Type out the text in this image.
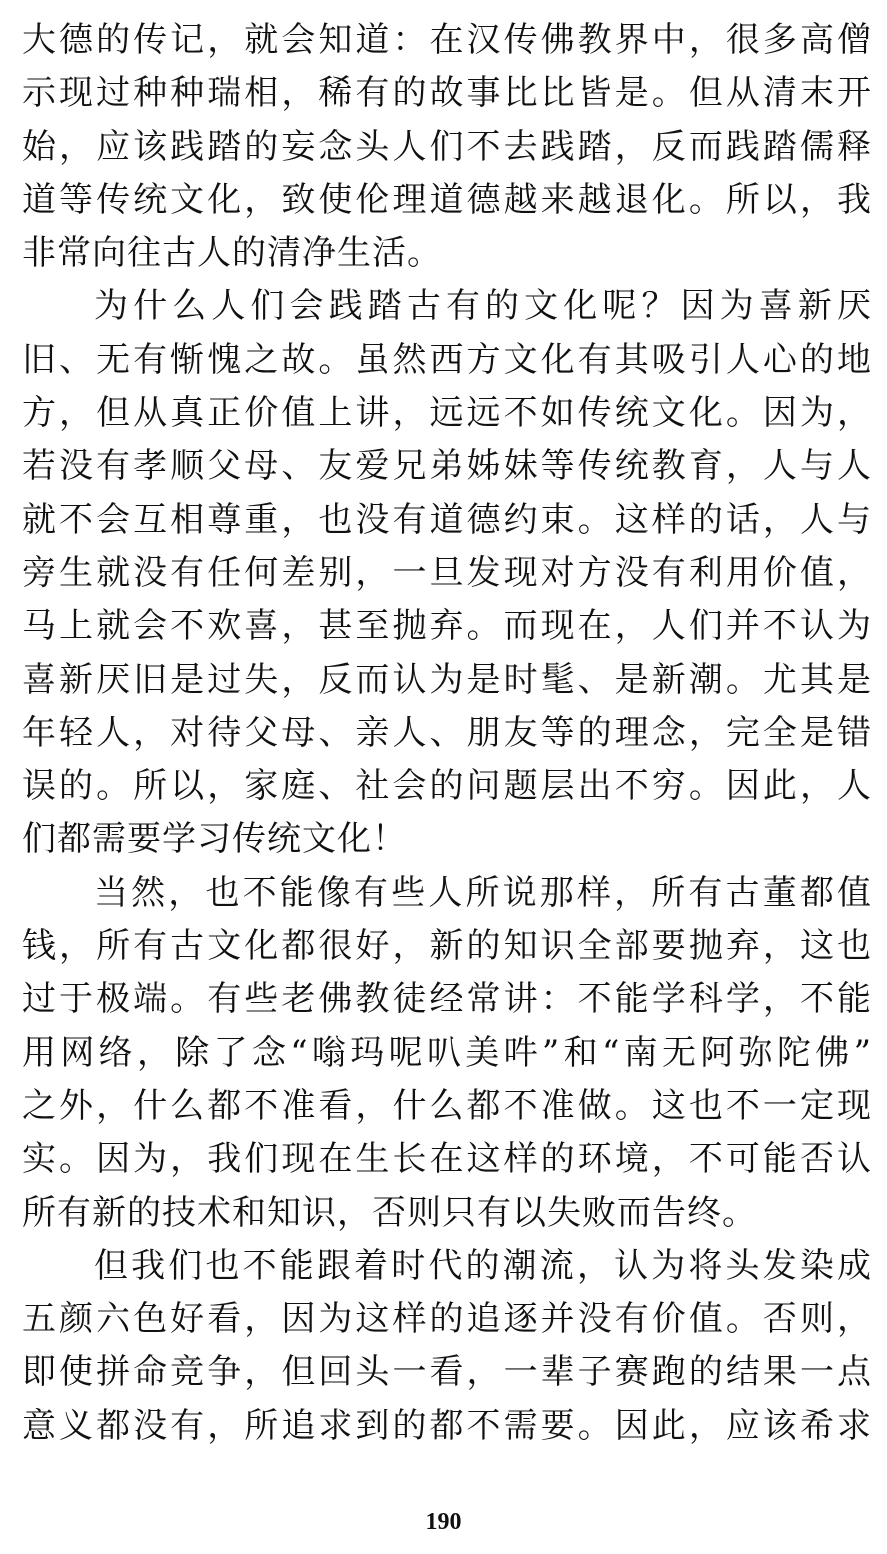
大德的传记，就会知道：在汉传佛教界中，很多高僧
示现过种种瑞相，稀有的故事比比皆是。但从清末开
始，应该践踏的妄念头人们不去践踏，反而践踏儒释
道等传统文化，致使伦理道德越来越退化。所以，我
非常向往古人的清净生活。
为什么人们会践踏古有的文化呢？因为喜新厌
旧、无有惭愧之故。虽然西方文化有其吸引人心的地
方，但从真正价值上讲，远远不如传统文化。因为，
若没有孝顺父母、友爱兄弟姊妹等传统教育，人与人
就不会互相尊重，也没有道德约束。这样的话，人与
旁生就没有任何差别，一旦发现对方没有利用价值，
马上就会不欢喜，甚至抛弃。而现在，人们并不认为
喜新厌旧是过失，反而认为是时髦、是新潮。尤其是
年轻人，对待父母、亲人、朋友等的理念，完全是错
误的。所以，家庭、社会的问题层出不穷。因此，人
们都需要学习传统文化！
当然，也不能像有些人所说那样，所有古董都值
钱，所有古文化都很好，新的知识全部要抛弃，这也
过于极端。有些老佛教徒经常讲：不能学科学，不能
用网络，除了念“嗡玛呢叭美吽”和“南无阿弥陀佛”
之外，什么都不准看，什么都不准做。这也不一定现
实。因为，我们现在生长在这样的环境，不可能否认
所有新的技术和知识，否则只有以失败而告终。
但我们也不能跟着时代的潮流，认为将头发染成
五颜六色好看，因为这样的追逐并没有价值。否则，
即使拼命竞争，但回头一看，一辈子赛跑的结果一点
意义都没有，所追求到的都不需要。因此，应该希求
190
